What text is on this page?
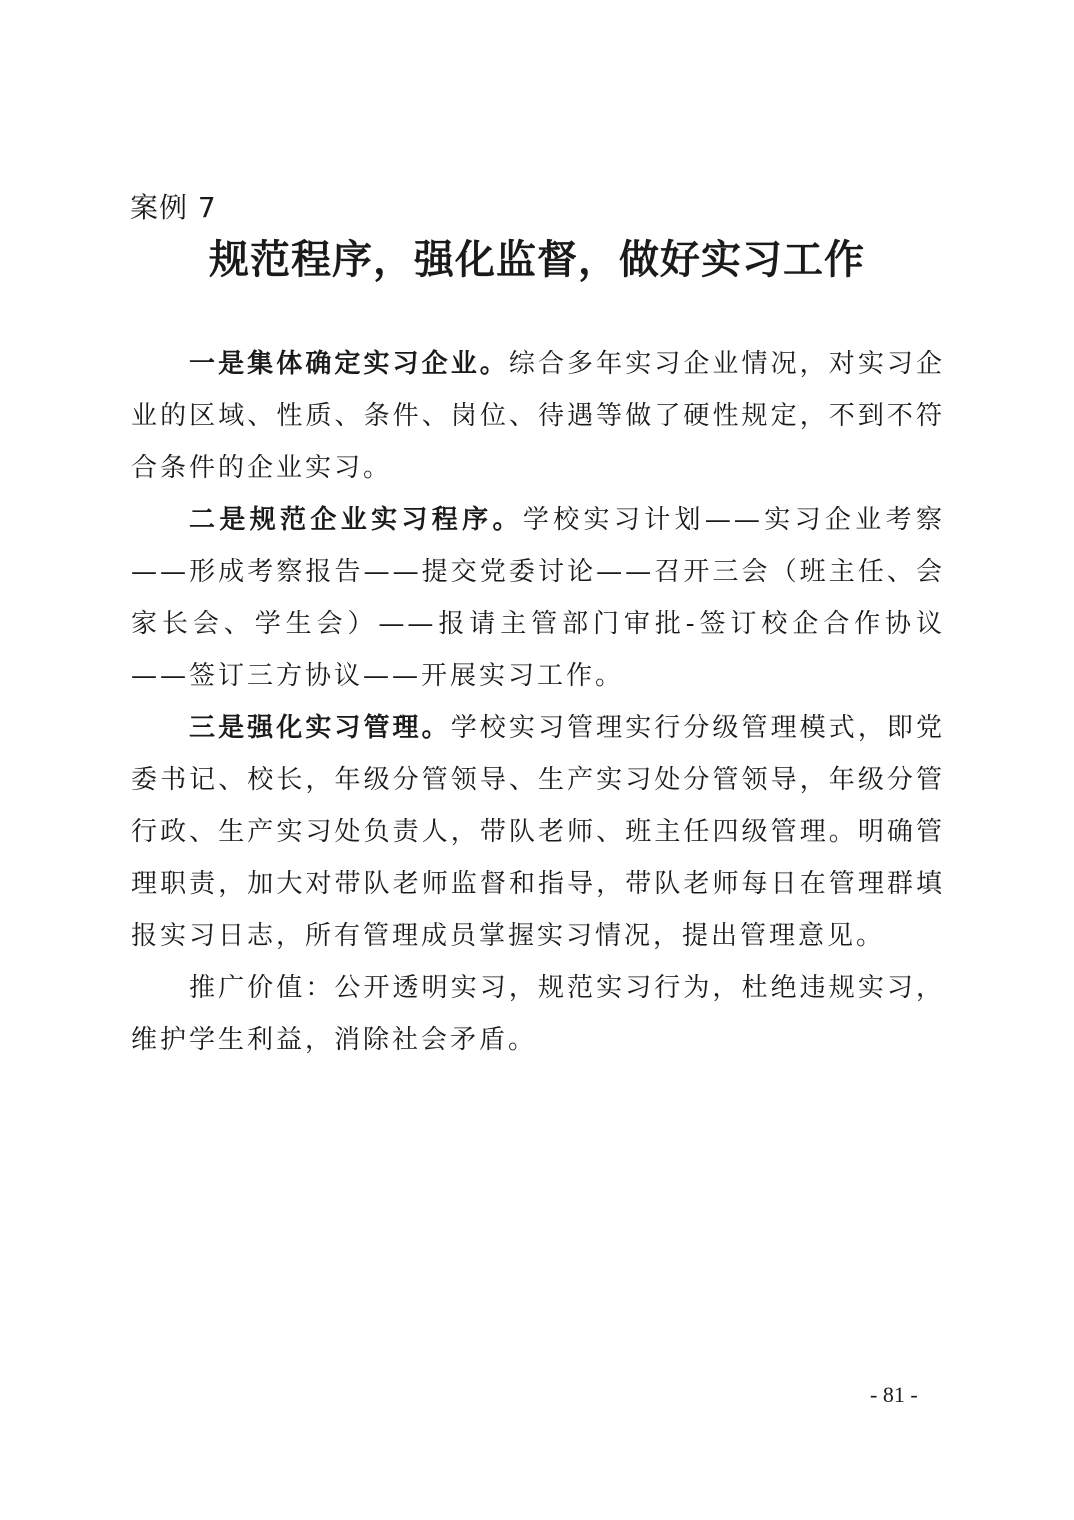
案例 7
规范程序，强化监督，做好实习工作

一是集体确定实习企业。综合多年实习企业情况，对实习企业的区域、性质、条件、岗位、待遇等做了硬性规定，不到不符合条件的企业实习。

二是规范企业实习程序。学校实习计划——实习企业考察——形成考察报告——提交党委讨论——召开三会（班主任、会家长会、学生会）——报请主管部门审批-签订校企合作协议——签订三方协议——开展实习工作。

三是强化实习管理。学校实习管理实行分级管理模式，即党委书记、校长，年级分管领导、生产实习处分管领导，年级分管行政、生产实习处负责人，带队老师、班主任四级管理。明确管理职责，加大对带队老师监督和指导，带队老师每日在管理群填报实习日志，所有管理成员掌握实习情况，提出管理意见。

推广价值：公开透明实习，规范实习行为，杜绝违规实习，维护学生利益，消除社会矛盾。

- 81 -
